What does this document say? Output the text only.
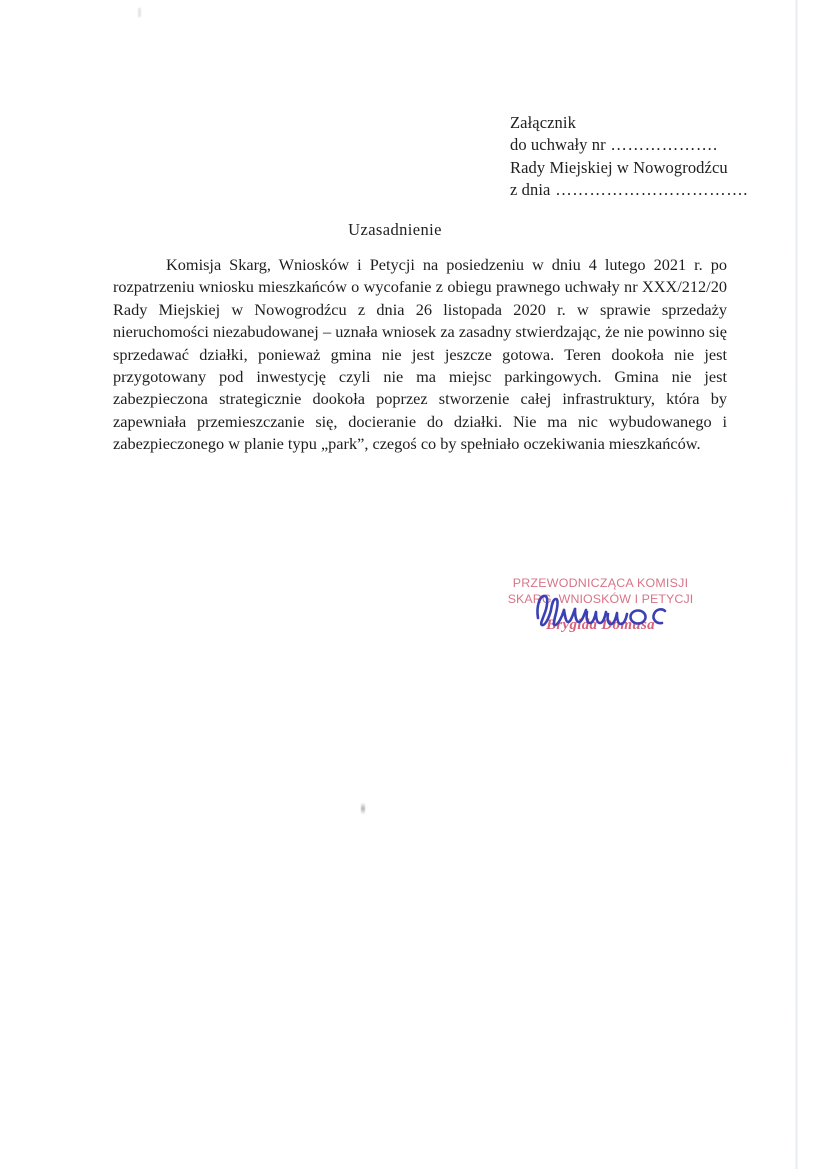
Załącznik
do uchwały nr ……………….
Rady Miejskiej w Nowogrodźcu
z dnia …………………………….
Uzasadnienie
Komisja Skarg, Wniosków i Petycji na posiedzeniu w dniu 4 lutego 2021 r. po rozpatrzeniu wniosku mieszkańców o wycofanie z obiegu prawnego uchwały nr XXX/212/20 Rady Miejskiej w Nowogrodźcu z dnia 26 listopada 2020 r. w sprawie sprzedaży nieruchomości niezabudowanej – uznała wniosek za zasadny stwierdzając, że nie powinno się sprzedawać działki, ponieważ gmina nie jest jeszcze gotowa. Teren dookoła nie jest przygotowany pod inwestycję czyli nie ma miejsc parkingowych. Gmina nie jest zabezpieczona strategicznie dookoła poprzez stworzenie całej infrastruktury, która by zapewniała przemieszczanie się, docieranie do działki. Nie ma nic wybudowanego i zabezpieczonego w planie typu „park”, czegoś co by spełniało oczekiwania mieszkańców.
PRZEWODNICZĄCA KOMISJI
SKARG, WNIOSKÓW I PETYCJI
Brygida Domusa
